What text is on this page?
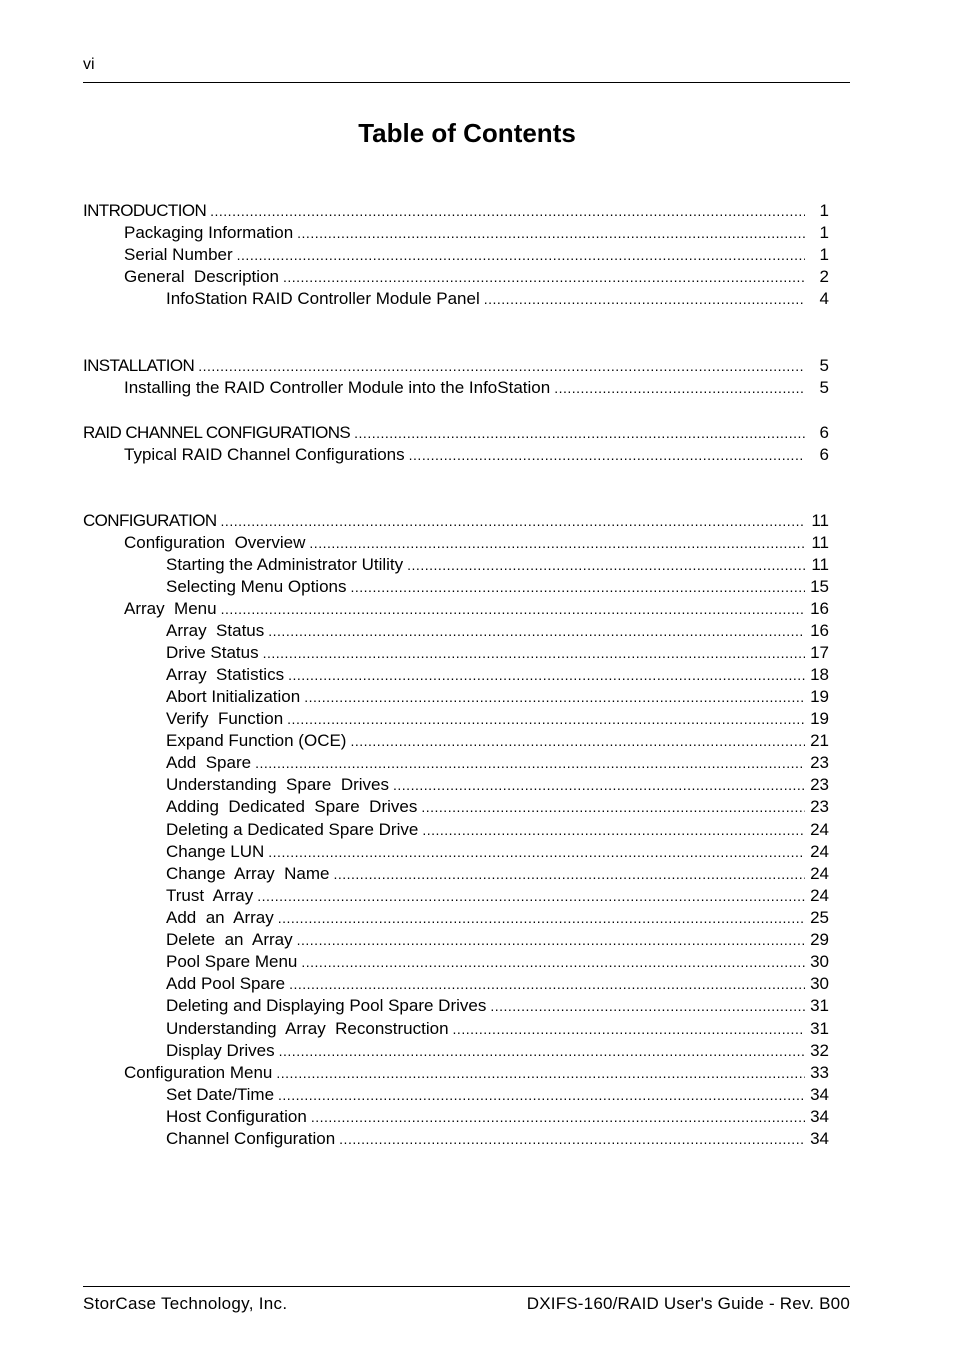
vi
Table of Contents
INTRODUCTION .....	1
Packaging Information .....	1
Serial Number .....	1
General  Description .....	2
InfoStation RAID Controller Module Panel .....	4
INSTALLATION .....	5
Installing the RAID Controller Module into the InfoStation .....	5
RAID CHANNEL CONFIGURATIONS .....	6
Typical RAID Channel Configurations .....	6
CONFIGURATION .....	11
Configuration  Overview .....	11
Starting the Administrator Utility .....	11
Selecting Menu Options .....	15
Array  Menu .....	16
Array  Status .....	16
Drive Status .....	17
Array  Statistics .....	18
Abort Initialization .....	19
Verify  Function .....	19
Expand Function (OCE) .....	21
Add  Spare .....	23
Understanding  Spare  Drives .....	23
Adding  Dedicated  Spare  Drives .....	23
Deleting a Dedicated Spare Drive .....	24
Change LUN .....	24
Change  Array  Name .....	24
Trust  Array .....	24
Add  an  Array .....	25
Delete  an  Array .....	29
Pool Spare Menu .....	30
Add Pool Spare .....	30
Deleting and Displaying Pool Spare Drives .....	31
Understanding  Array  Reconstruction .....	31
Display Drives .....	32
Configuration Menu .....	33
Set Date/Time .....	34
Host Configuration .....	34
Channel Configuration .....	34
StorCase Technology, Inc.	DXIFS-160/RAID User's Guide - Rev. B00
